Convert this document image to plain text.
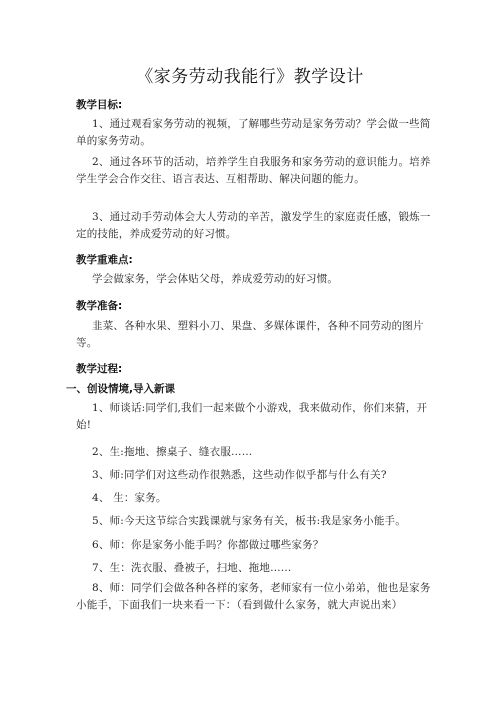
《家务劳动我能行》教学设计
教学目标:
1、通过观看家务劳动的视频，了解哪些劳动是家务劳动？学会做一些简单的家务劳动。
2、通过各环节的活动，培养学生自我服务和家务劳动的意识能力。培养学生学会合作交往、语言表达、互相帮助、解决问题的能力。
3、通过动手劳动体会大人劳动的辛苦，激发学生的家庭责任感，锻炼一定的技能，养成爱劳动的好习惯。
教学重难点:
学会做家务，学会体贴父母，养成爱劳动的好习惯。
教学准备:
韭菜、各种水果、塑料小刀、果盘、多媒体课件，各种不同劳动的图片等。
教学过程:
一、创设情境,导入新课
1、师谈话:同学们,我们一起来做个小游戏，我来做动作，你们来猜，开始!
2、生:拖地、擦桌子、缝衣服……
3、师:同学们对这些动作很熟悉，这些动作似乎都与什么有关?
4、 生：家务。
5、师:今天这节综合实践课就与家务有关，板书:我是家务小能手。
6、师：你是家务小能手吗？你都做过哪些家务？
7、生：洗衣服、叠被子，扫地、拖地……
8、师：同学们会做各种各样的家务，老师家有一位小弟弟，他也是家务小能手，下面我们一块来看一下：（看到做什么家务，就大声说出来）
